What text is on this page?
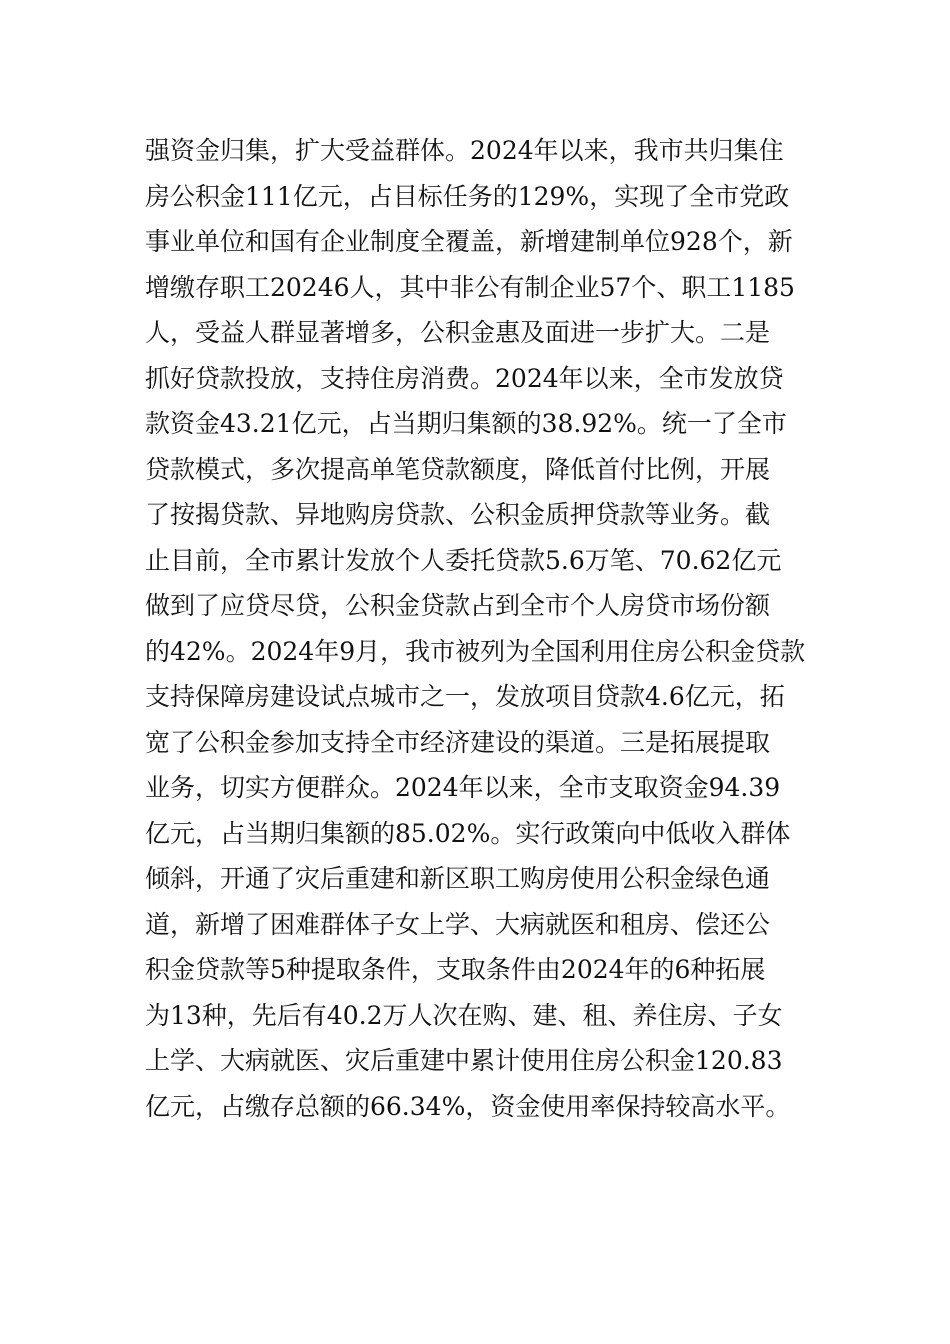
强资金归集，扩大受益群体。2024年以来，我市共归集住
房公积金111亿元，占目标任务的129%，实现了全市党政
事业单位和国有企业制度全覆盖，新增建制单位928个，新
增缴存职工20246人，其中非公有制企业57个、职工1185
人，受益人群显著增多，公积金惠及面进一步扩大。二是
抓好贷款投放，支持住房消费。2024年以来，全市发放贷
款资金43.21亿元，占当期归集额的38.92%。统一了全市
贷款模式，多次提高单笔贷款额度，降低首付比例，开展
了按揭贷款、异地购房贷款、公积金质押贷款等业务。截
止目前，全市累计发放个人委托贷款5.6万笔、70.62亿元
做到了应贷尽贷，公积金贷款占到全市个人房贷市场份额
的42%。2024年9月，我市被列为全国利用住房公积金贷款
支持保障房建设试点城市之一，发放项目贷款4.6亿元，拓
宽了公积金参加支持全市经济建设的渠道。三是拓展提取
业务，切实方便群众。2024年以来，全市支取资金94.39
亿元，占当期归集额的85.02%。实行政策向中低收入群体
倾斜，开通了灾后重建和新区职工购房使用公积金绿色通
道，新增了困难群体子女上学、大病就医和租房、偿还公
积金贷款等5种提取条件，支取条件由2024年的6种拓展
为13种，先后有40.2万人次在购、建、租、养住房、子女
上学、大病就医、灾后重建中累计使用住房公积金120.83
亿元，占缴存总额的66.34%，资金使用率保持较高水平。
